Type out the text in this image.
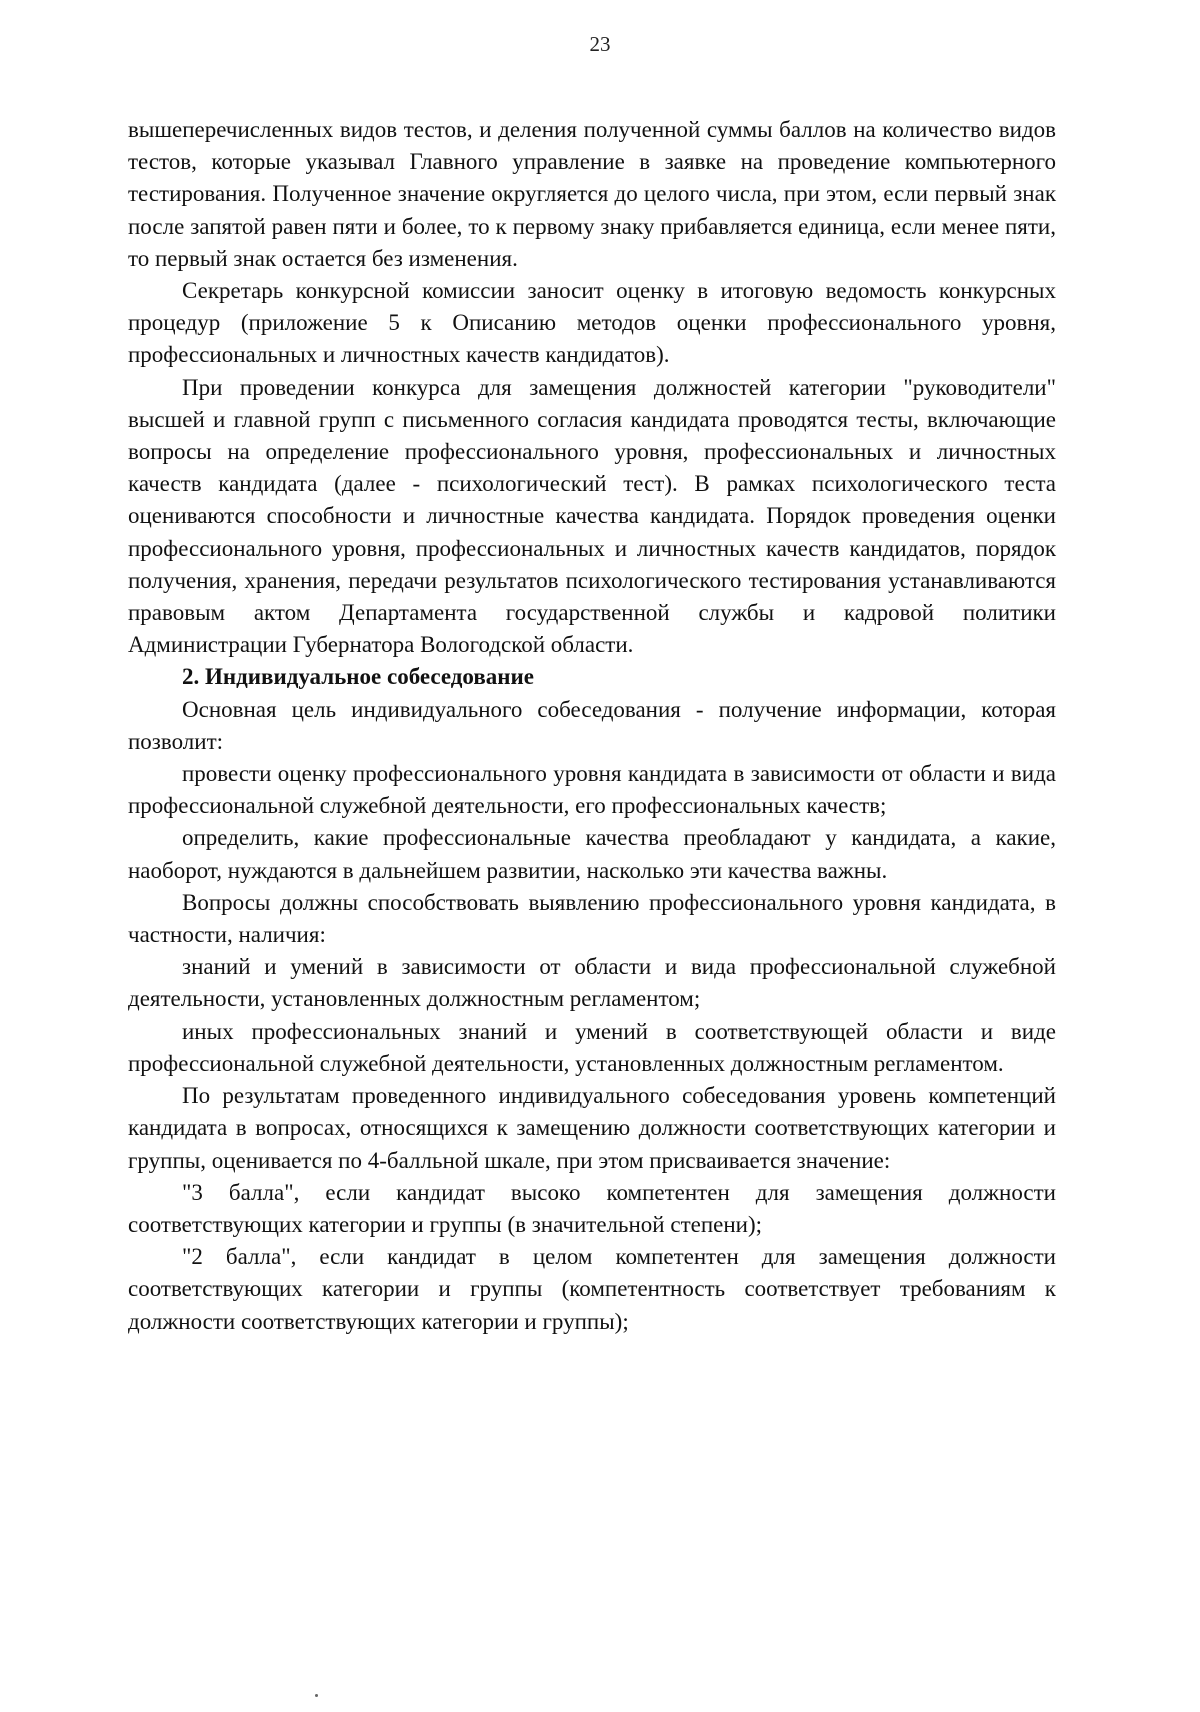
23

вышеперечисленных видов тестов, и деления полученной суммы баллов на количество видов тестов, которые указывал Главного управление в заявке на проведение компьютерного тестирования. Полученное значение округляется до целого числа, при этом, если первый знак после запятой равен пяти и более, то к первому знаку прибавляется единица, если менее пяти, то первый знак остается без изменения.

Секретарь конкурсной комиссии заносит оценку в итоговую ведомость конкурсных процедур (приложение 5 к Описанию методов оценки профессионального уровня, профессиональных и личностных качеств кандидатов).

При проведении конкурса для замещения должностей категории "руководители" высшей и главной групп с письменного согласия кандидата проводятся тесты, включающие вопросы на определение профессионального уровня, профессиональных и личностных качеств кандидата (далее - психологический тест). В рамках психологического теста оцениваются способности и личностные качества кандидата. Порядок проведения оценки профессионального уровня, профессиональных и личностных качеств кандидатов, порядок получения, хранения, передачи результатов психологического тестирования устанавливаются правовым актом Департамента государственной службы и кадровой политики Администрации Губернатора Вологодской области.

2. Индивидуальное собеседование

Основная цель индивидуального собеседования - получение информации, которая позволит:

провести оценку профессионального уровня кандидата в зависимости от области и вида профессиональной служебной деятельности, его профессиональных качеств;

определить, какие профессиональные качества преобладают у кандидата, а какие, наоборот, нуждаются в дальнейшем развитии, насколько эти качества важны.

Вопросы должны способствовать выявлению профессионального уровня кандидата, в частности, наличия:

знаний и умений в зависимости от области и вида профессиональной служебной деятельности, установленных должностным регламентом;

иных профессиональных знаний и умений в соответствующей области и виде профессиональной служебной деятельности, установленных должностным регламентом.

По результатам проведенного индивидуального собеседования уровень компетенций кандидата в вопросах, относящихся к замещению должности соответствующих категории и группы, оценивается по 4-балльной шкале, при этом присваивается значение:

"3 балла", если кандидат высоко компетентен для замещения должности соответствующих категории и группы (в значительной степени);

"2 балла", если кандидат в целом компетентен для замещения должности соответствующих категории и группы (компетентность соответствует требованиям к должности соответствующих категории и группы);
